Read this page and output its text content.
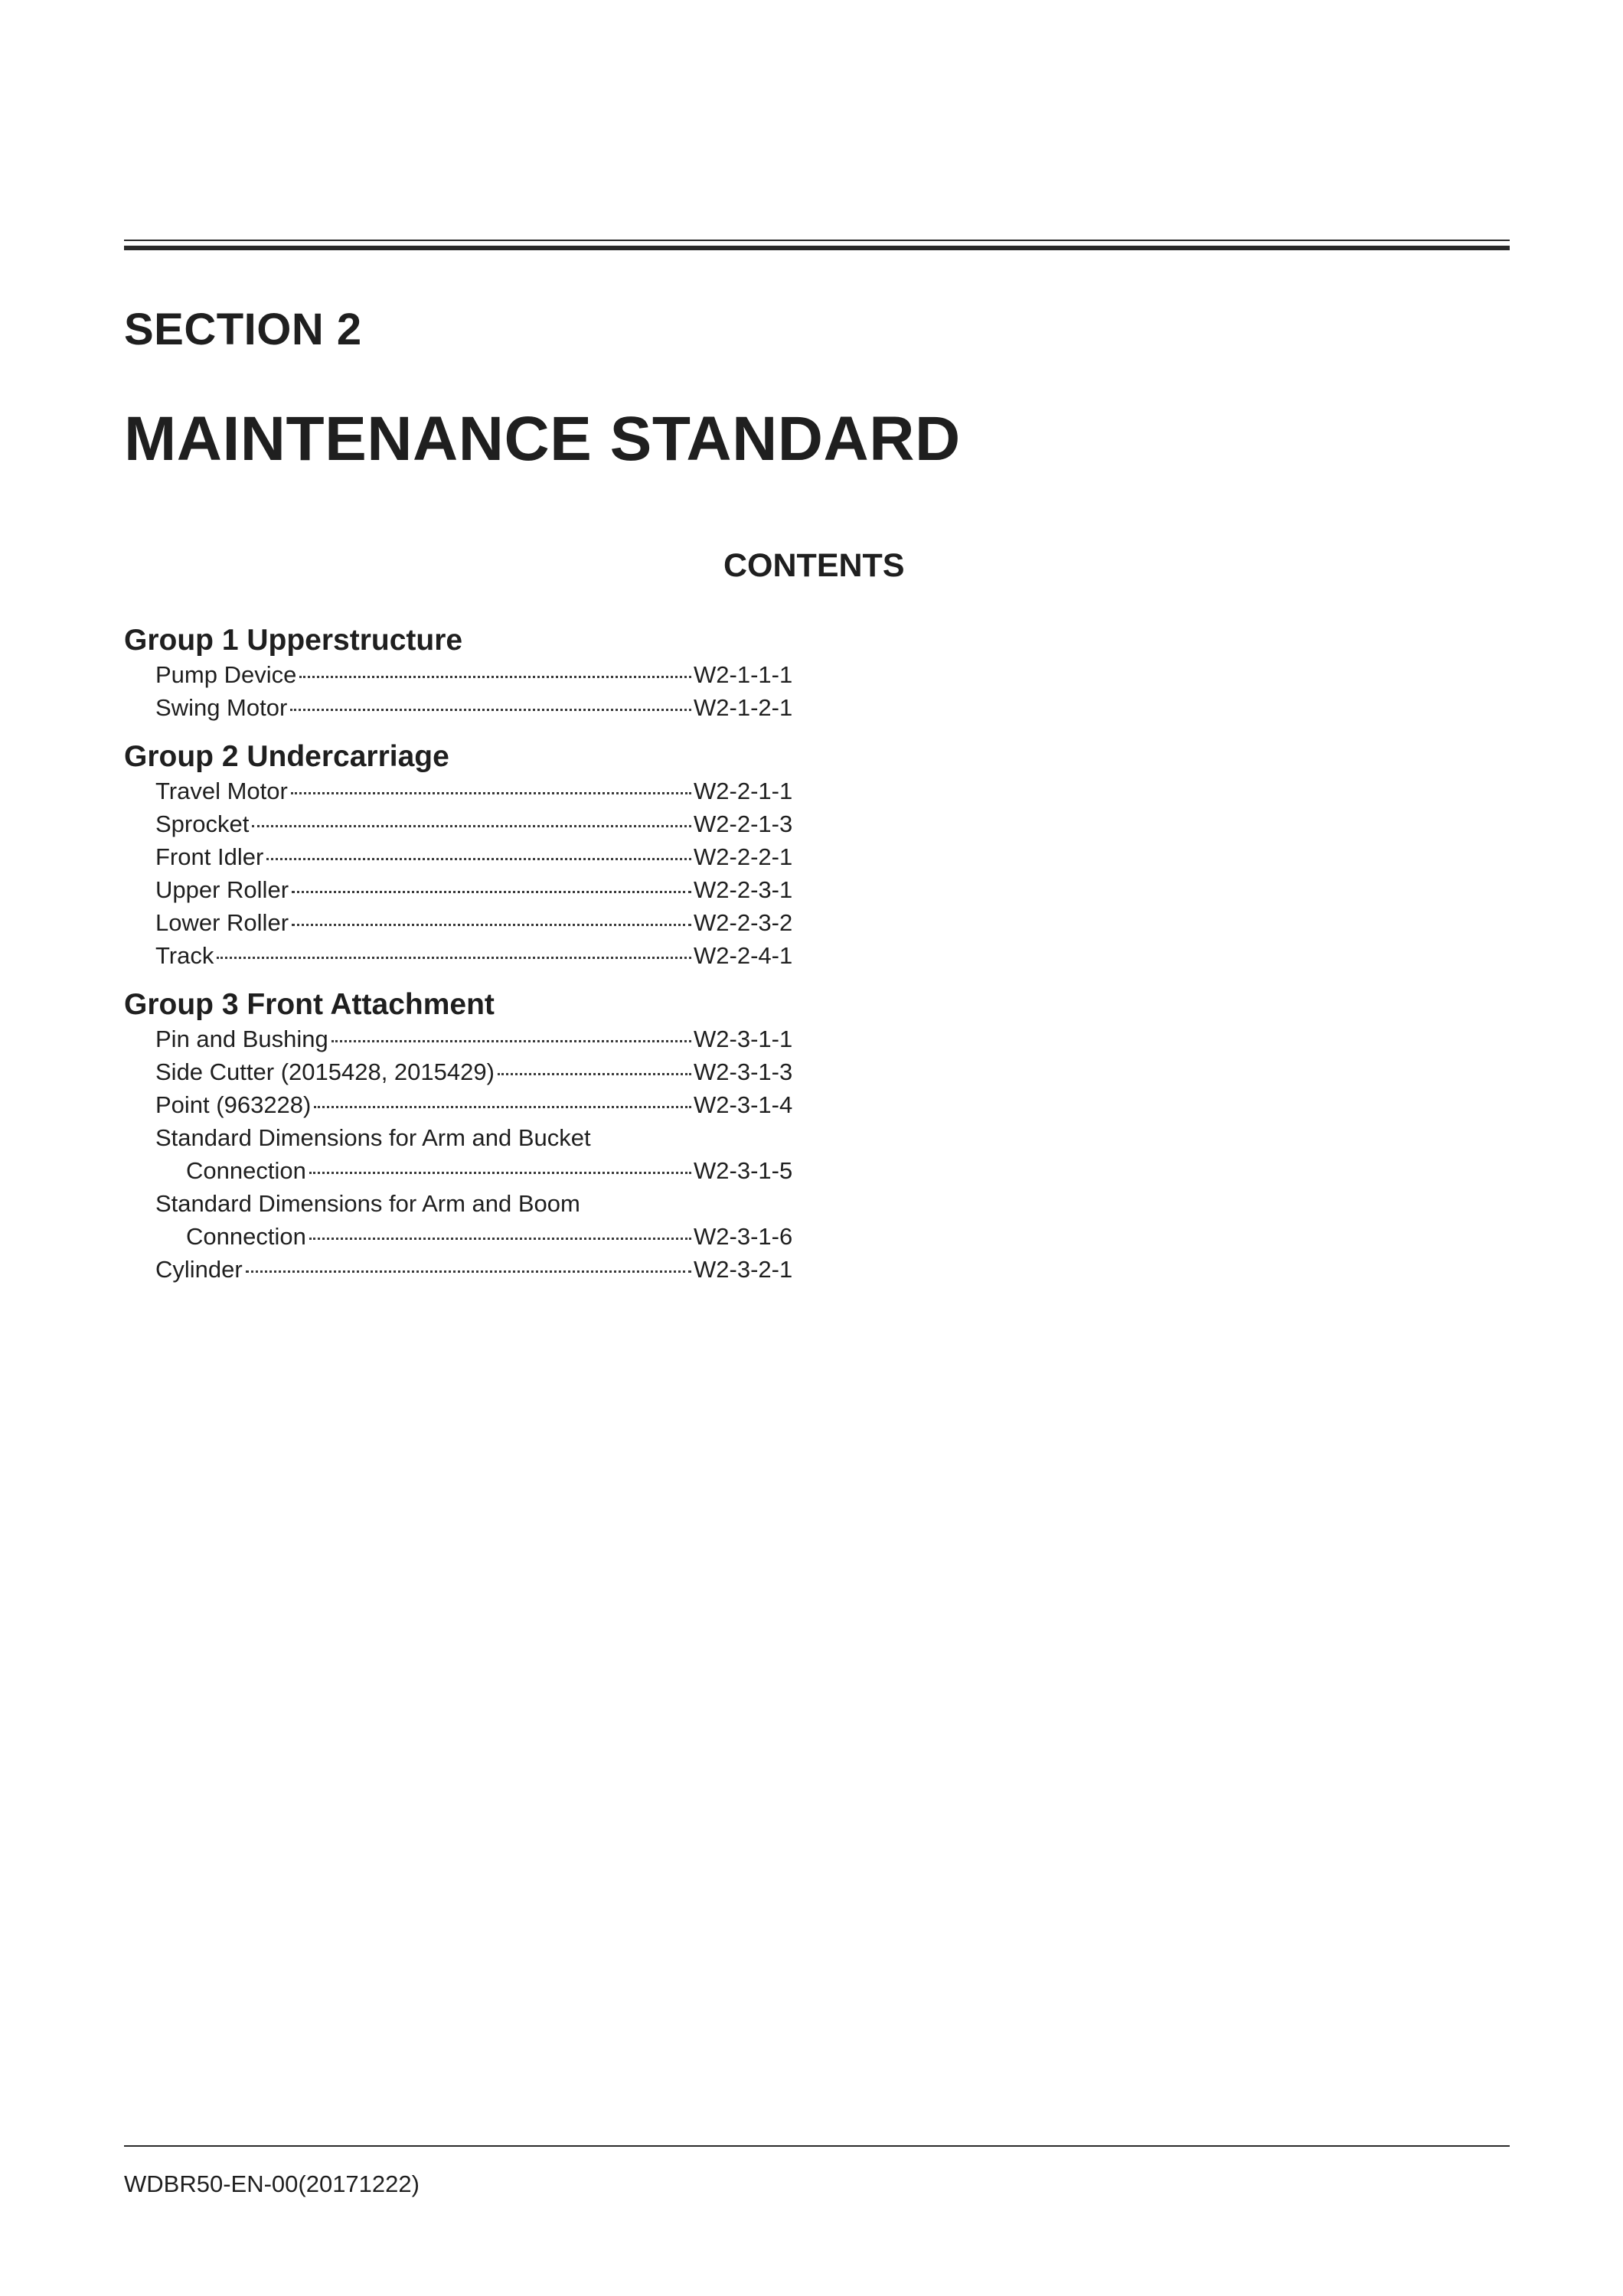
SECTION 2
MAINTENANCE STANDARD
CONTENTS
Group 1 Upperstructure
Pump Device	W2-1-1-1
Swing Motor	W2-1-2-1
Group 2 Undercarriage
Travel Motor	W2-2-1-1
Sprocket	W2-2-1-3
Front Idler	W2-2-2-1
Upper Roller	W2-2-3-1
Lower Roller	W2-2-3-2
Track	W2-2-4-1
Group 3 Front Attachment
Pin and Bushing	W2-3-1-1
Side Cutter (2015428, 2015429)	W2-3-1-3
Point (963228)	W2-3-1-4
Standard Dimensions for Arm and Bucket
Connection	W2-3-1-5
Standard Dimensions for Arm and Boom
Connection	W2-3-1-6
Cylinder	W2-3-2-1
WDBR50-EN-00(20171222)
